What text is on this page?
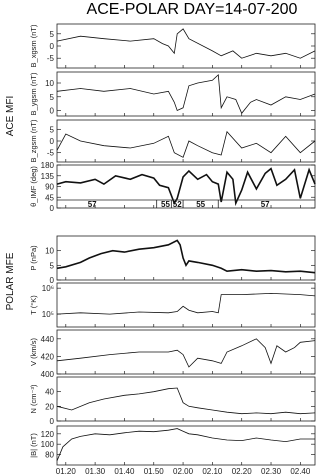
ACE-POLAR DAY=14-07-200
-5
0
5
B_xgsm (nT)
0
5
10
B_ygsm (nT)
-5
0
5
B_zgsm (nT)
0
45
90
135
180
θ_IMF (deg)	57	55 52 55	57
0
5
10
P (nPa)
10⁵
10⁶
T (°K)
400
420
440
V (km/s)
0
20
40
N (cm⁻³)
80
100
120
|B| (nT)
ACE MFI
POLAR MFE
01.20 01.30 01.40 01.50 02.00 02.10 02.20 02.30 02.40
